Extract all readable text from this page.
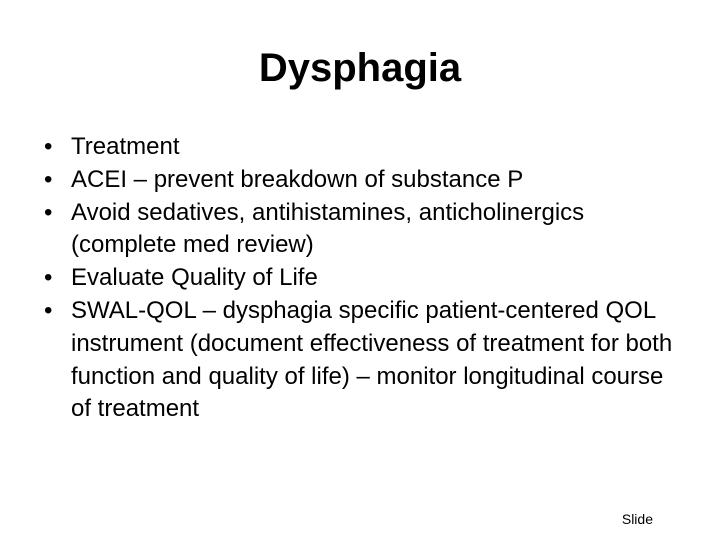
Dysphagia
• Treatment
• ACEI – prevent breakdown of substance P
• Avoid sedatives, antihistamines, anticholinergics (complete med review)
• Evaluate Quality of Life
• SWAL-QOL – dysphagia specific patient-centered QOL instrument (document effectiveness of treatment for both function and quality of life) – monitor longitudinal course of treatment
Slide
